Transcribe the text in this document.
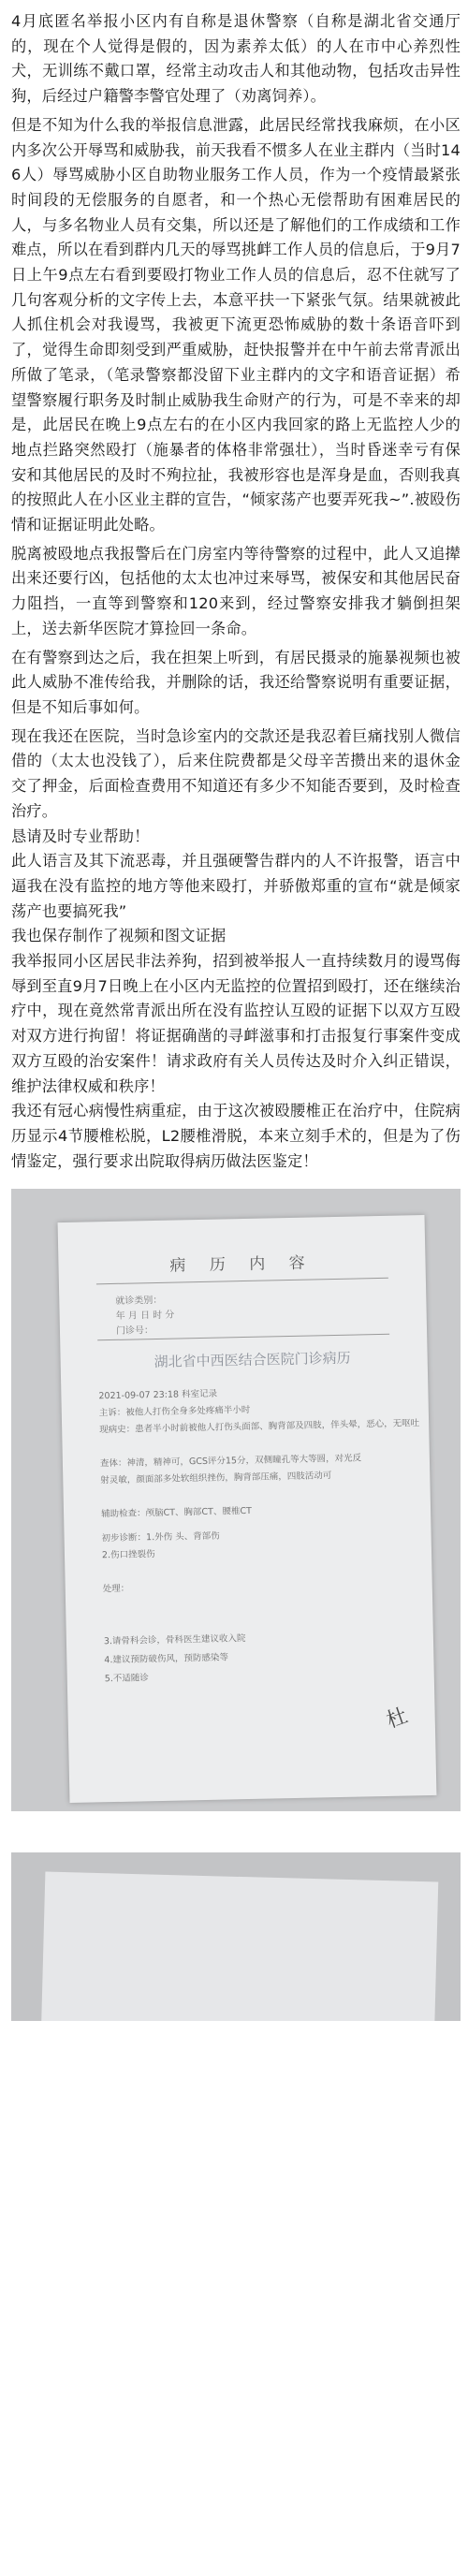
4月底匿名举报小区内有自称是退休警察（自称是湖北省交通厅的，现在个人觉得是假的，因为素养太低）的人在市中心养烈性犬，无训练不戴口罩，经常主动攻击人和其他动物，包括攻击异性狗，后经过户籍警李警官处理了（劝离饲养）。

但是不知为什么我的举报信息泄露，此居民经常找我麻烦，在小区内多次公开辱骂和威胁我，前天我看不惯多人在业主群内（当时146人）辱骂威胁小区自助物业服务工作人员，作为一个疫情最紧张时间段的无偿服务的自愿者，和一个热心无偿帮助有困难居民的人，与多名物业人员有交集，所以还是了解他们的工作成绩和工作难点，所以在看到群内几天的辱骂挑衅工作人员的信息后，于9月7日上午9点左右看到要殴打物业工作人员的信息后，忍不住就写了几句客观分析的文字传上去，本意平扶一下紧张气氛。结果就被此人抓住机会对我谩骂，我被更下流更恐怖威胁的数十条语音吓到了，觉得生命即刻受到严重威胁，赶快报警并在中午前去常青派出所做了笔录，（笔录警察都没留下业主群内的文字和语音证据）希望警察履行职务及时制止威胁我生命财产的行为，可是不幸来的却是，此居民在晚上9点左右的在小区内我回家的路上无监控人少的地点拦路突然殴打（施暴者的体格非常强壮），当时昏迷幸亏有保安和其他居民的及时不殉拉扯，我被形容也是浑身是血，否则我真的按照此人在小区业主群的宣告，“倾家荡产也要弄死我~”.被殴伤情和证据证明此处略。

脱离被殴地点我报警后在门房室内等待警察的过程中，此人又追撵出来还要行凶，包括他的太太也冲过来辱骂，被保安和其他居民奋力阻挡，一直等到警察和120来到，经过警察安排我才躺倒担架上，送去新华医院才算捡回一条命。

在有警察到达之后，我在担架上听到，有居民摄录的施暴视频也被此人威胁不准传给我，并删除的话，我还给警察说明有重要证据，但是不知后事如何。

现在我还在医院，当时急诊室内的交款还是我忍着巨痛找别人微信借的（太太也没钱了），后来住院费都是父母辛苦攒出来的退休金交了押金，后面检查费用不知道还有多少不知能否要到，及时检查治疗。

恳请及时专业帮助！

此人语言及其下流恶毒，并且强硬警告群内的人不许报警，语言中逼我在没有监控的地方等他来殴打，并骄傲郑重的宣布“就是倾家荡产也要搞死我”

我也保存制作了视频和图文证据

我举报同小区居民非法养狗，招到被举报人一直持续数月的谩骂侮辱到至直9月7日晚上在小区内无监控的位置招到殴打，还在继续治疗中，现在竟然常青派出所在没有监控认互殴的证据下以双方互殴对双方进行拘留！将证据确凿的寻衅滋事和打击报复行事案件变成双方互殴的治安案件！请求政府有关人员传达及时介入纠正错误，维护法律权威和秩序！

我还有冠心病慢性病重症，由于这次被殴腰椎正在治疗中，住院病历显示4节腰椎松脱，L2腰椎滑脱，本来立刻手术的，但是为了伤情鉴定，强行要求出院取得病历做法医鉴定！

病 历 内 容
就诊类别：
年 月 日 时 分
门诊号：
湖北省中西医结合医院门诊病历
2021-09-07 23:18 科室记录
主诉：被他人打伤全身多处疼痛半小时
现病史：患者半小时前被他人打伤头面部、胸背部及四肢，伴头晕，恶心，无呕吐
查体：神清，精神可，GCS评分15分，双侧瞳孔等大等圆，对光反
射灵敏，颜面部多处软组织挫伤，胸背部压痛，四肢活动可
辅助检查：颅脑CT、胸部CT、腰椎CT
初步诊断：1.外伤 头、背部伤
2.伤口挫裂伤
处理：
3.请骨科会诊，骨科医生建议收入院
4.建议预防破伤风，预防感染等
5.不适随诊
杜
